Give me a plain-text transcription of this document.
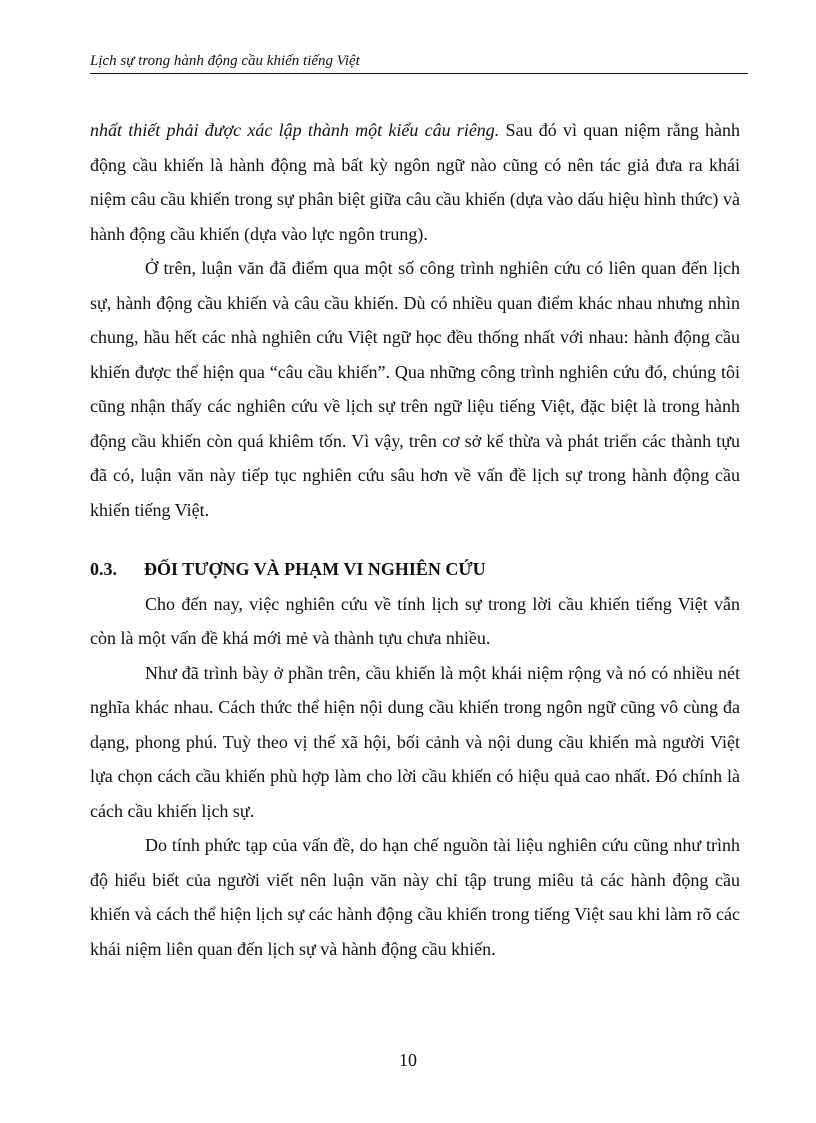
Lịch sự trong hành động cầu khiến tiếng Việt

nhất thiết phải được xác lập thành một kiểu câu riêng. Sau đó vì quan niệm rằng hành động cầu khiến là hành động mà bất kỳ ngôn ngữ nào cũng có nên tác giả đưa ra khái niệm câu cầu khiến trong sự phân biệt giữa câu cầu khiến (dựa vào dấu hiệu hình thức) và hành động cầu khiến (dựa vào lực ngôn trung).

Ở trên, luận văn đã điểm qua một số công trình nghiên cứu có liên quan đến lịch sự, hành động cầu khiến và câu cầu khiến. Dù có nhiều quan điểm khác nhau nhưng nhìn chung, hầu hết các nhà nghiên cứu Việt ngữ học đều thống nhất với nhau: hành động cầu khiến được thể hiện qua “câu cầu khiến”. Qua những công trình nghiên cứu đó, chúng tôi cũng nhận thấy các nghiên cứu về lịch sự trên ngữ liệu tiếng Việt, đặc biệt là trong hành động cầu khiến còn quá khiêm tốn. Vì vậy, trên cơ sở kế thừa và phát triển các thành tựu đã có, luận văn này tiếp tục nghiên cứu sâu hơn về vấn đề lịch sự trong hành động cầu khiến tiếng Việt.

0.3. ĐỐI TƯỢNG VÀ PHẠM VI NGHIÊN CỨU

Cho đến nay, việc nghiên cứu về tính lịch sự trong lời cầu khiến tiếng Việt vẫn còn là một vấn đề khá mới mẻ và thành tựu chưa nhiều.

Như đã trình bày ở phần trên, cầu khiến là một khái niệm rộng và nó có nhiều nét nghĩa khác nhau. Cách thức thể hiện nội dung cầu khiến trong ngôn ngữ cũng vô cùng đa dạng, phong phú. Tuỳ theo vị thế xã hội, bối cảnh và nội dung cầu khiến mà người Việt lựa chọn cách cầu khiến phù hợp làm cho lời cầu khiến có hiệu quả cao nhất. Đó chính là cách cầu khiến lịch sự.

Do tính phức tạp của vấn đề, do hạn chế nguồn tài liệu nghiên cứu cũng như trình độ hiểu biết của người viết nên luận văn này chỉ tập trung miêu tả các hành động cầu khiến và cách thể hiện lịch sự các hành động cầu khiến trong tiếng Việt sau khi làm rõ các khái niệm liên quan đến lịch sự và hành động cầu khiến.

10
